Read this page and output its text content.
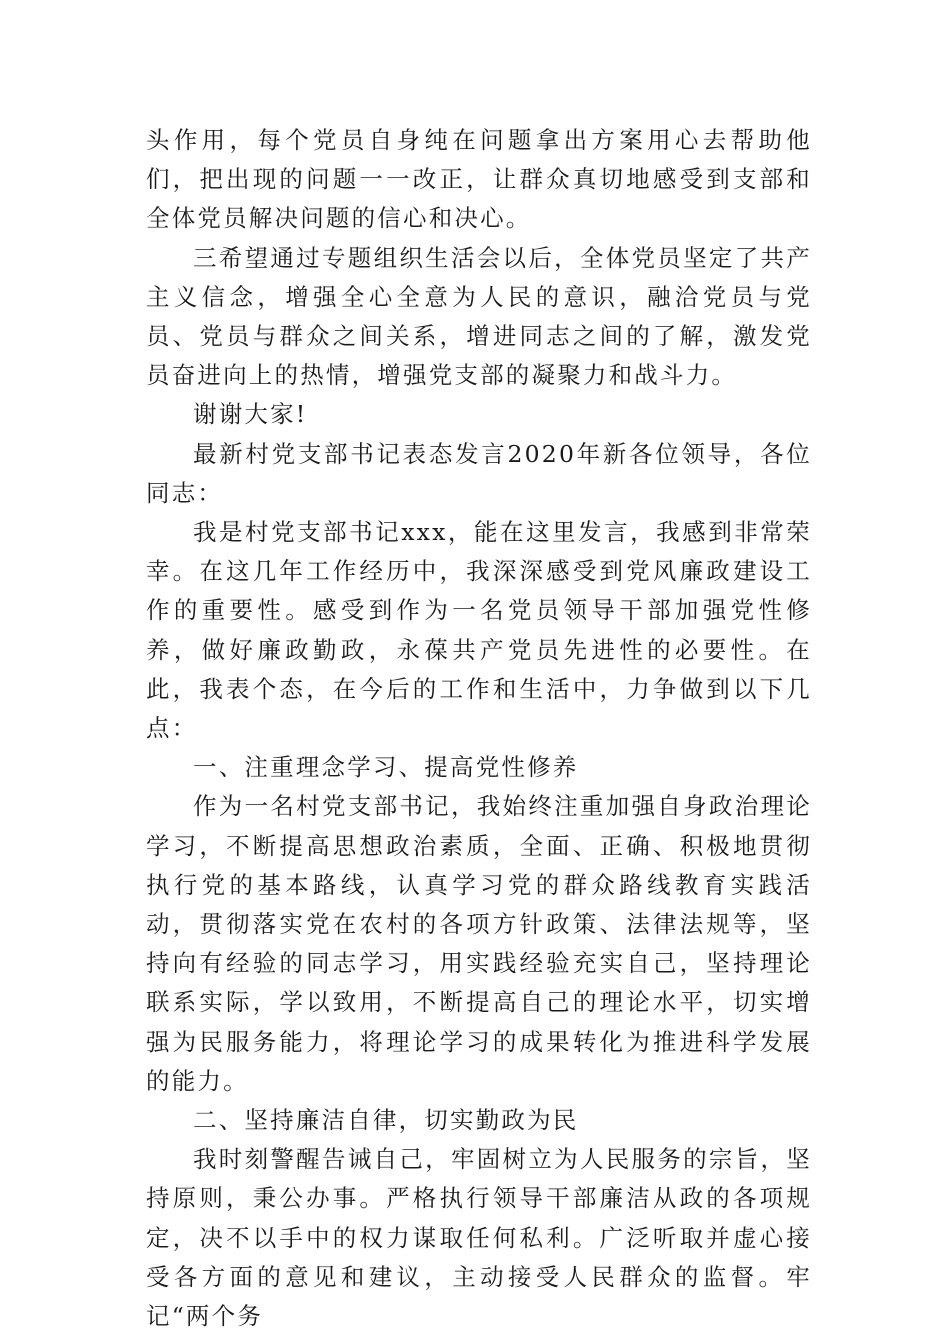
头作用，每个党员自身纯在问题拿出方案用心去帮助他们，把出现的问题一一改正，让群众真切地感受到支部和全体党员解决问题的信心和决心。

三希望通过专题组织生活会以后，全体党员坚定了共产主义信念，增强全心全意为人民的意识，融洽党员与党员、党员与群众之间关系，增进同志之间的了解，激发党员奋进向上的热情，增强党支部的凝聚力和战斗力。

谢谢大家!

最新村党支部书记表态发言2020年新各位领导，各位同志：

我是村党支部书记xxx，能在这里发言，我感到非常荣幸。在这几年工作经历中，我深深感受到党风廉政建设工作的重要性。感受到作为一名党员领导干部加强党性修养，做好廉政勤政，永葆共产党员先进性的必要性。在此，我表个态，在今后的工作和生活中，力争做到以下几点：

一、注重理念学习、提高党性修养

作为一名村党支部书记，我始终注重加强自身政治理论学习，不断提高思想政治素质，全面、正确、积极地贯彻执行党的基本路线，认真学习党的群众路线教育实践活动，贯彻落实党在农村的各项方针政策、法律法规等，坚持向有经验的同志学习，用实践经验充实自己，坚持理论联系实际，学以致用，不断提高自己的理论水平，切实增强为民服务能力，将理论学习的成果转化为推进科学发展的能力。

二、坚持廉洁自律，切实勤政为民

我时刻警醒告诫自己，牢固树立为人民服务的宗旨，坚持原则，秉公办事。严格执行领导干部廉洁从政的各项规定，决不以手中的权力谋取任何私利。广泛听取并虚心接受各方面的意见和建议，主动接受人民群众的监督。牢记“两个务
